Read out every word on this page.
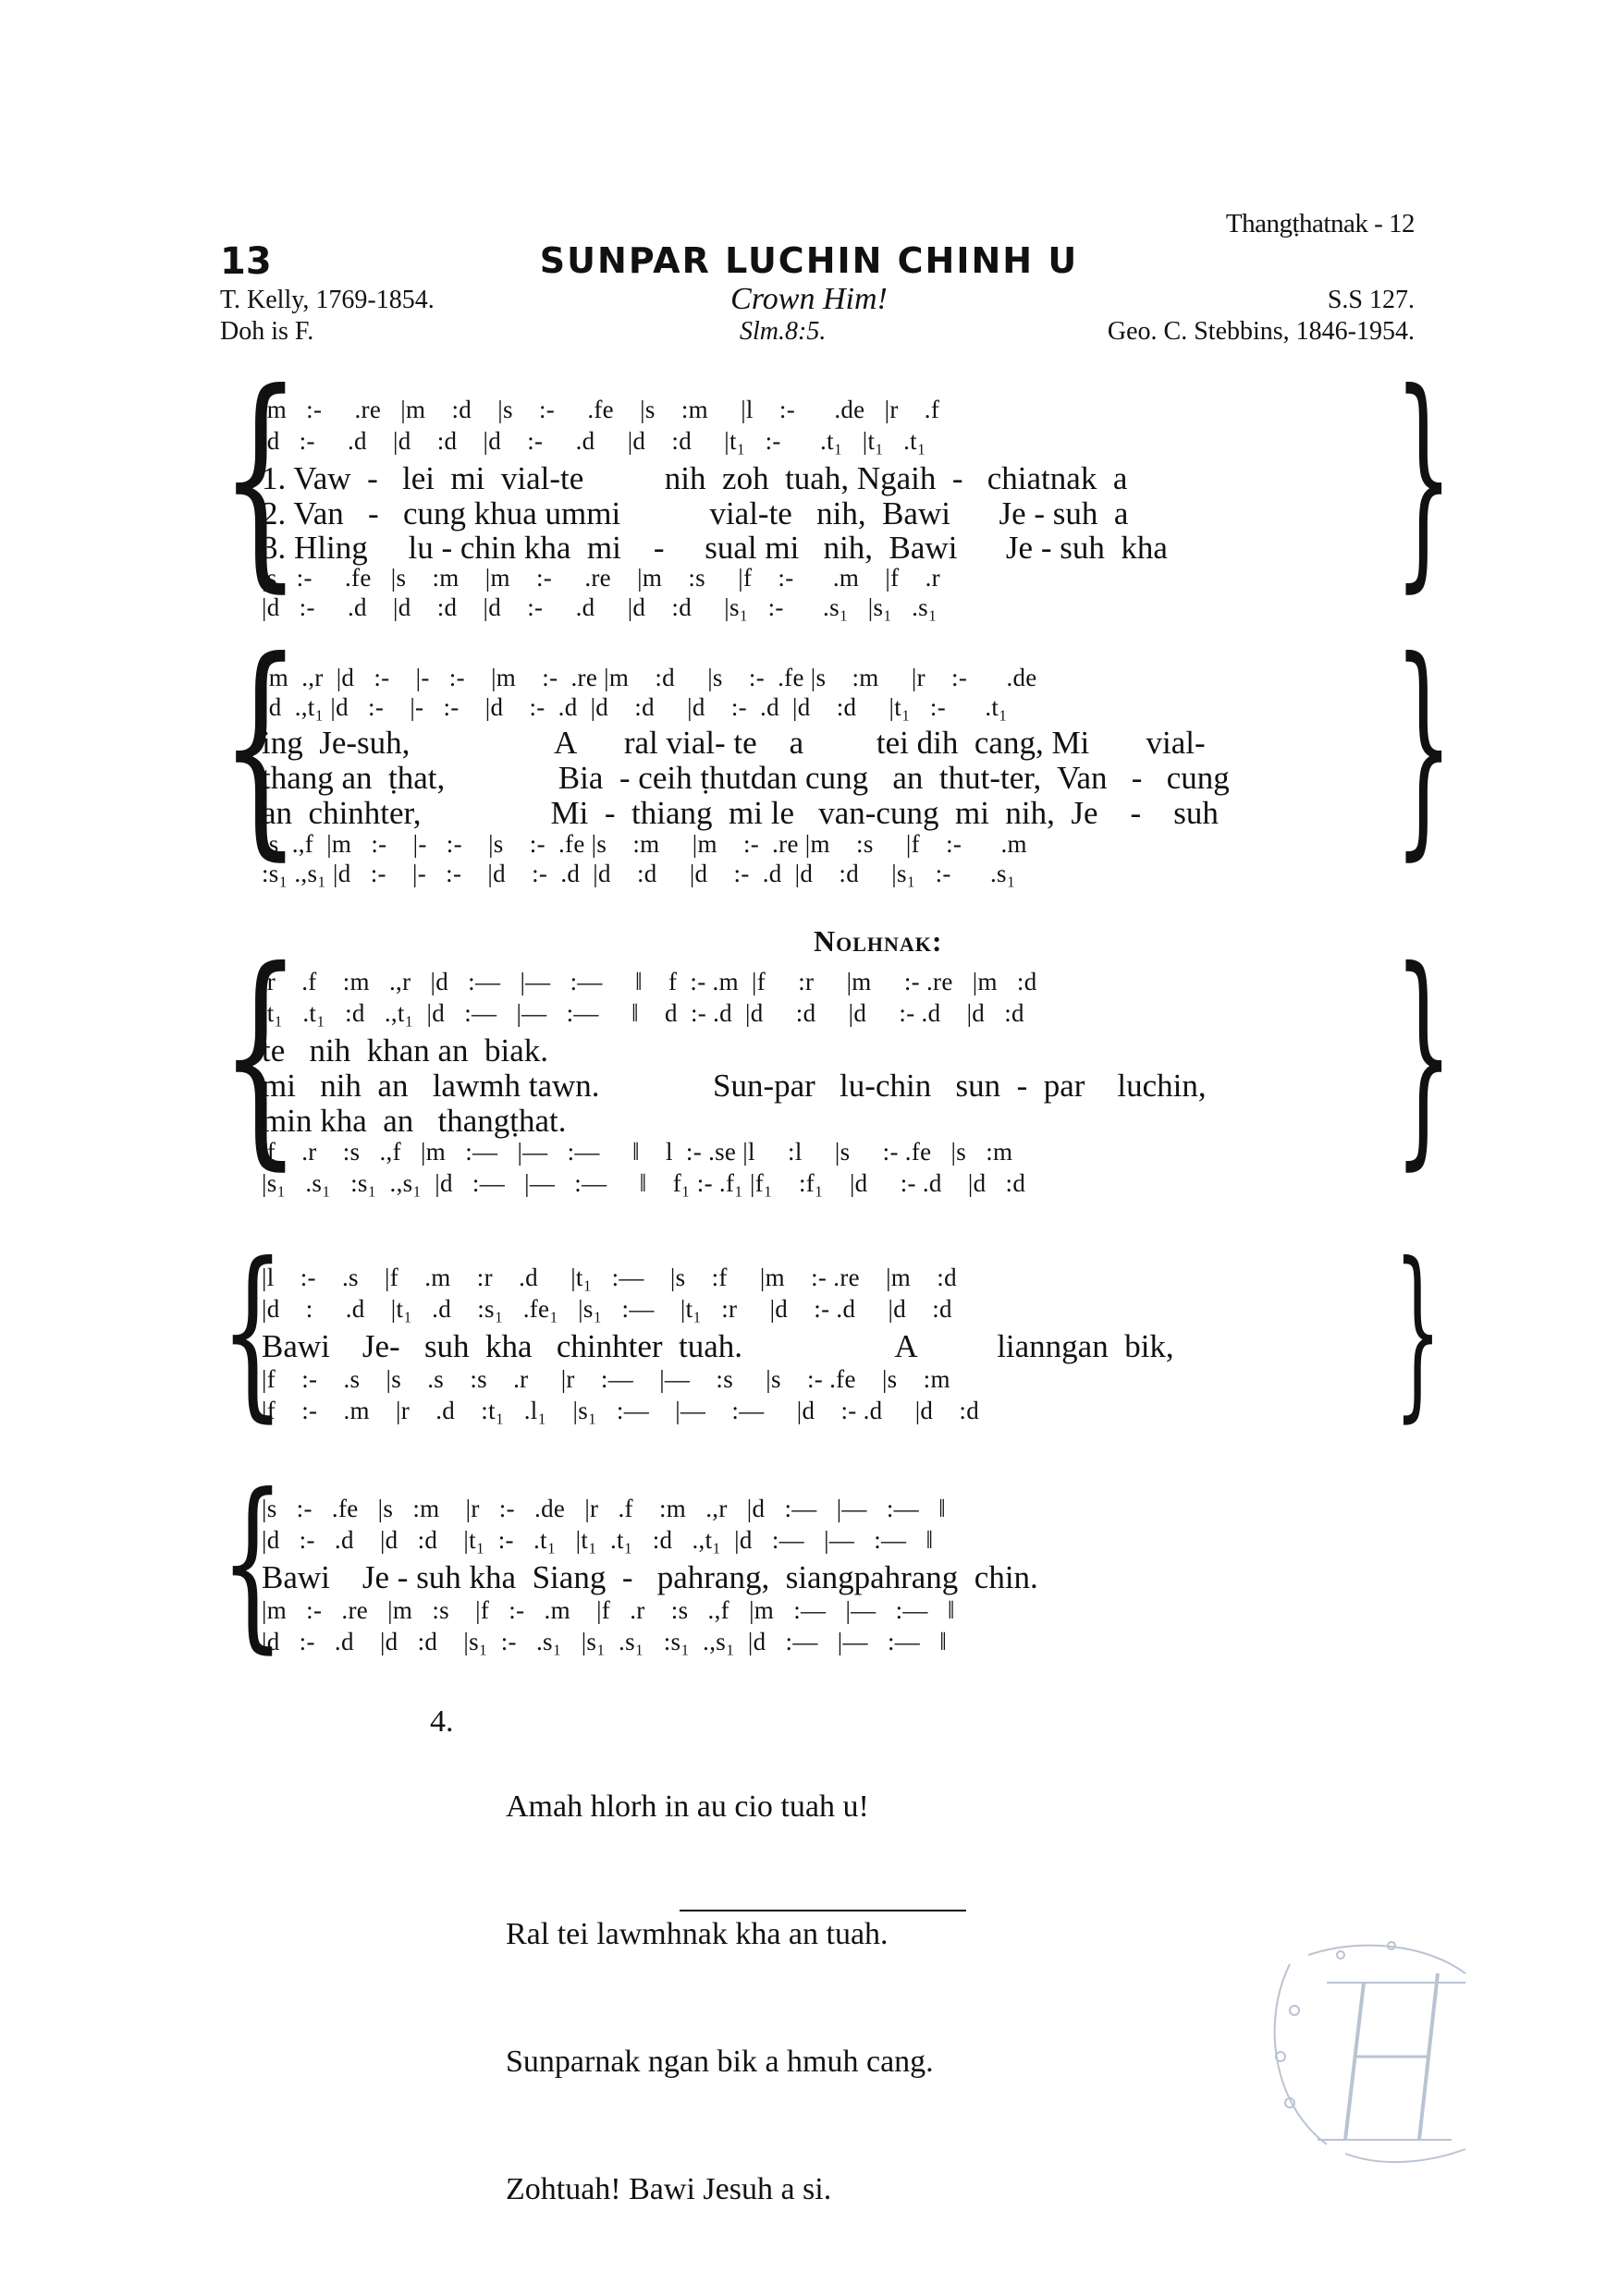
Thangṭhatnak - 12
13	SUNPAR LUCHIN CHINH U
T. Kelly, 1769-1854.	Crown Him!	S.S 127.
Doh is F.	Slm.8:5.	Geo. C. Stebbins, 1846-1954.
{	}
|m   :-     .re   |m    :d    |s    :-     .fe    |s    :m     |l    :-      .de   |r    .f
|d   :-     .d    |d    :d    |d    :-     .d     |d    :d     |t₁   :-      .t₁   |t₁   .t₁
1. Vaw  -   lei  mi  vial-te          nih  zoh  tuah, Ngaih  -   chiatnak  a
2. Van   -   cung khua ummi           vial-te   nih,  Bawi      Je - suh  a
3. Hling     lu - chin kha  mi    -     sual mi   nih,  Bawi      Je - suh  kha
|s   :-     .fe   |s    :m    |m    :-     .re    |m    :s     |f    :-      .m    |f    .r
|d   :-     .d    |d    :d    |d    :-     .d     |d    :d     |s₁   :-      .s₁   |s₁   .s₁
{	}
:m  .,r  |d   :-    |-   :-    |m    :-  .re |m    :d     |s    :-  .fe |s    :m     |r    :-      .de
:d  .,t₁ |d   :-    |-   :-    |d    :-  .d  |d    :d     |d    :-  .d  |d    :d     |t₁   :-      .t₁
ing  Je-suh,                  A      ral vial- te    a         tei dih  cang, Mi       vial-
thang an  ṭhat,              Bia  - ceih ṭhutdan cung   an  thut-ter,  Van   -   cung
an  chinhter,                Mi  -  thiang  mi le   van-cung  mi  nih,  Je    -    suh
:s  .,f  |m   :-    |-   :-    |s    :-  .fe |s    :m     |m    :-  .re |m    :s     |f    :-      .m
:s₁ .,s₁ |d   :-    |-   :-    |d    :-  .d  |d    :d     |d    :-  .d  |d    :d     |s₁   :-      .s₁
Nolhnak:
{	}
|r    .f    :m   .,r   |d   :—   |—   :—     ‖    f  :- .m  |f     :r     |m     :- .re   |m   :d
|t₁   .t₁   :d   .,t₁  |d   :—   |—   :—     ‖    d  :- .d  |d     :d     |d     :- .d    |d   :d
te   nih  khan an  biak.
mi   nih  an   lawmh tawn.              Sun-par   lu-chin   sun  -  par    luchin,
min kha  an   thangṭhat.
|f    .r    :s   .,f   |m   :—   |—   :—     ‖    l  :- .se |l     :l     |s     :- .fe   |s   :m
|s₁   .s₁   :s₁  .,s₁  |d   :—   |—   :—     ‖    f₁ :- .f₁ |f₁    :f₁    |d     :- .d    |d   :d
{	}
|l    :-    .s    |f    .m    :r    .d     |t₁   :—    |s    :f     |m    :- .re    |m    :d
|d    :     .d    |t₁   .d    :s₁   .fe₁   |s₁   :—    |t₁   :r     |d    :- .d     |d    :d
Bawi    Je-   suh  kha   chinhter  tuah.                   A          lianngan  bik,
|f    :-    .s    |s    .s    :s    .r     |r    :—    |—    :s     |s    :- .fe    |s    :m
|f    :-    .m    |r    .d    :t₁   .l₁    |s₁   :—    |—    :—     |d    :- .d     |d    :d
{
|s   :-   .fe   |s   :m    |r   :-   .de   |r   .f    :m   .,r   |d   :—   |—   :—   ‖
|d   :-   .d    |d   :d    |t₁  :-   .t₁   |t₁  .t₁   :d   .,t₁  |d   :—   |—   :—   ‖
Bawi    Je - suh kha  Siang  -   pahrang,  siangpahrang  chin.
|m   :-   .re   |m   :s    |f   :-   .m    |f   .r    :s   .,f   |m   :—   |—   :—   ‖
|d   :-   .d    |d   :d    |s₁  :-   .s₁   |s₁  .s₁   :s₁  .,s₁  |d   :—   |—   :—   ‖
4.

Amah hlorh in au cio tuah u!

Ral tei lawmhnak kha an tuah.

Sunparnak ngan bik a hmuh cang.

Zohtuah! Bawi Jesuh a si.
